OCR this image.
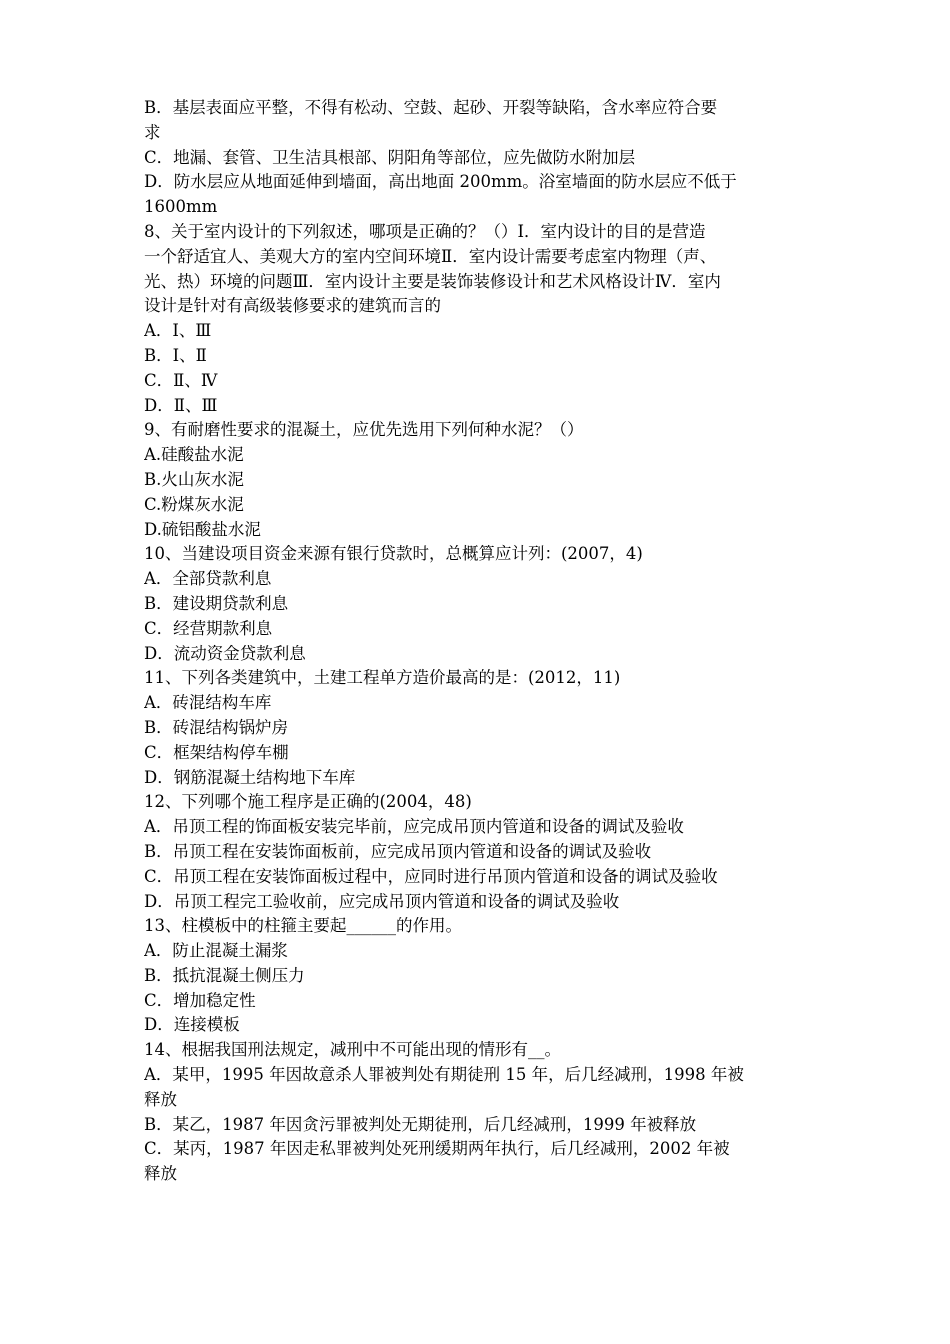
B．基层表面应平整，不得有松动、空鼓、起砂、开裂等缺陷，含水率应符合要
求
C．地漏、套管、卫生洁具根部、阴阳角等部位，应先做防水附加层
D．防水层应从地面延伸到墙面，高出地面 200mm。浴室墙面的防水层应不低于
1600mm
8、关于室内设计的下列叙述，哪项是正确的？（）Ⅰ．室内设计的目的是营造
一个舒适宜人、美观大方的室内空间环境Ⅱ．室内设计需要考虑室内物理（声、
光、热）环境的问题Ⅲ．室内设计主要是装饰装修设计和艺术风格设计Ⅳ．室内
设计是针对有高级装修要求的建筑而言的
A．Ⅰ、Ⅲ
B．Ⅰ、Ⅱ
C．Ⅱ、Ⅳ
D．Ⅱ、Ⅲ
9、有耐磨性要求的混凝土，应优先选用下列何种水泥？（）
A.硅酸盐水泥
B.火山灰水泥
C.粉煤灰水泥
D.硫铝酸盐水泥
10、当建设项目资金来源有银行贷款时，总概算应计列：(2007，4)
A．全部贷款利息
B．建设期贷款利息
C．经营期款利息
D．流动资金贷款利息
11、下列各类建筑中，土建工程单方造价最高的是：(2012，11)
A．砖混结构车库
B．砖混结构锅炉房
C．框架结构停车棚
D．钢筋混凝土结构地下车库
12、下列哪个施工程序是正确的(2004，48)
A．吊顶工程的饰面板安装完毕前，应完成吊顶内管道和设备的调试及验收
B．吊顶工程在安装饰面板前，应完成吊顶内管道和设备的调试及验收
C．吊顶工程在安装饰面板过程中，应同时进行吊顶内管道和设备的调试及验收
D．吊顶工程完工验收前，应完成吊顶内管道和设备的调试及验收
13、柱模板中的柱箍主要起______的作用。
A．防止混凝土漏浆
B．抵抗混凝土侧压力
C．增加稳定性
D．连接模板
14、根据我国刑法规定，减刑中不可能出现的情形有__。
A．某甲，1995 年因故意杀人罪被判处有期徒刑 15 年，后几经减刑，1998 年被
释放
B．某乙，1987 年因贪污罪被判处无期徒刑，后几经减刑，1999 年被释放
C．某丙，1987 年因走私罪被判处死刑缓期两年执行，后几经减刑，2002 年被
释放
